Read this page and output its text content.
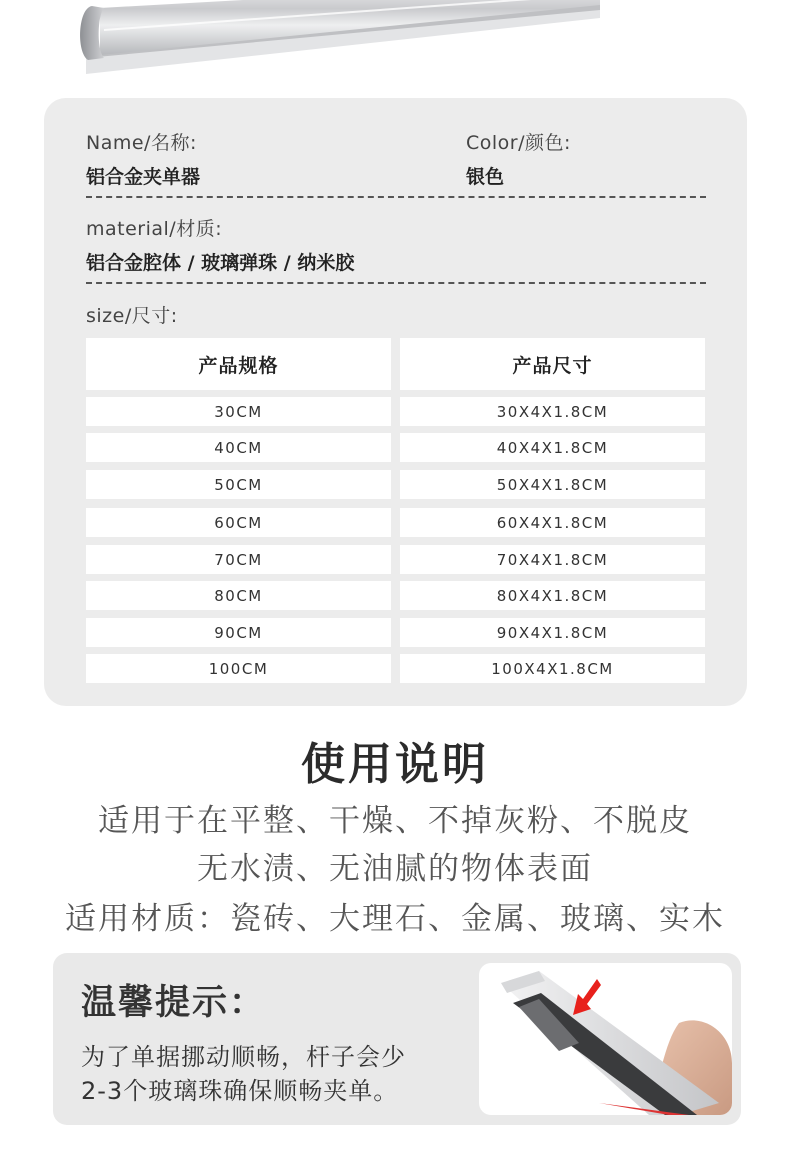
Name/名称:
铝合金夹单器
Color/颜色:
银色
material/材质:
铝合金腔体 / 玻璃弹珠 / 纳米胶
size/尺寸:
产品规格	产品尺寸
30CM	30X4X1.8CM
40CM	40X4X1.8CM
50CM	50X4X1.8CM
60CM	60X4X1.8CM
70CM	70X4X1.8CM
80CM	80X4X1.8CM
90CM	90X4X1.8CM
100CM	100X4X1.8CM
使用说明
适用于在平整、干燥、不掉灰粉、不脱皮
无水渍、无油腻的物体表面
适用材质：瓷砖、大理石、金属、玻璃、实木
温馨提示：
为了单据挪动顺畅，杆子会少
2-3个玻璃珠确保顺畅夹单。
